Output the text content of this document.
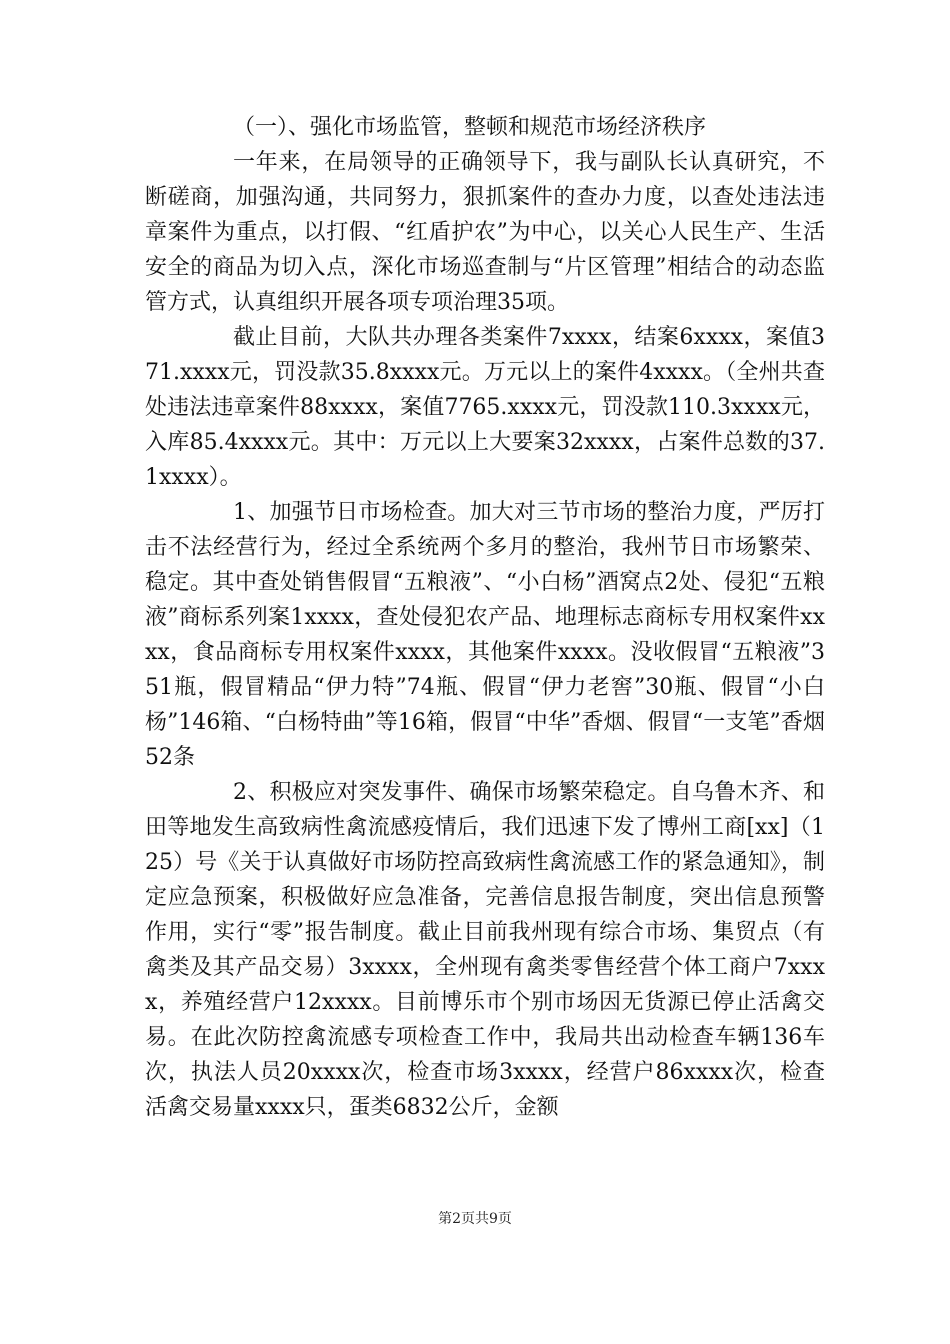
（一）、强化市场监管，整顿和规范市场经济秩序

一年来，在局领导的正确领导下，我与副队长认真研究，不断磋商，加强沟通，共同努力，狠抓案件的查办力度，以查处违法违章案件为重点，以打假、“红盾护农”为中心，以关心人民生产、生活安全的商品为切入点，深化市场巡查制与“片区管理”相结合的动态监管方式，认真组织开展各项专项治理35项。

截止目前，大队共办理各类案件7xxxx，结案6xxxx，案值371.xxxx元，罚没款35.8xxxx元。万元以上的案件4xxxx。（全州共查处违法违章案件88xxxx，案值7765.xxxx元，罚没款110.3xxxx元，入库85.4xxxx元。其中：万元以上大要案32xxxx，占案件总数的37.1xxxx）。

1、加强节日市场检查。加大对三节市场的整治力度，严厉打击不法经营行为，经过全系统两个多月的整治，我州节日市场繁荣、稳定。其中查处销售假冒“五粮液”、“小白杨”酒窝点2处、侵犯“五粮液”商标系列案1xxxx，查处侵犯农产品、地理标志商标专用权案件xxxx，食品商标专用权案件xxxx，其他案件xxxx。没收假冒“五粮液”351瓶，假冒精品“伊力特”74瓶、假冒“伊力老窖”30瓶、假冒“小白杨”146箱、“白杨特曲”等16箱，假冒“中华”香烟、假冒“一支笔”香烟52条

2、积极应对突发事件、确保市场繁荣稳定。自乌鲁木齐、和田等地发生高致病性禽流感疫情后，我们迅速下发了博州工商[xx]（125）号《关于认真做好市场防控高致病性禽流感工作的紧急通知》，制定应急预案，积极做好应急准备，完善信息报告制度，突出信息预警作用，实行“零”报告制度。截止目前我州现有综合市场、集贸点（有禽类及其产品交易）3xxxx，全州现有禽类零售经营个体工商户7xxxx，养殖经营户12xxxx。目前博乐市个别市场因无货源已停止活禽交易。在此次防控禽流感专项检查工作中，我局共出动检查车辆136车次，执法人员20xxxx次，检查市场3xxxx，经营户86xxxx次，检查活禽交易量xxxx只，蛋类6832公斤，金额

第2页共9页
